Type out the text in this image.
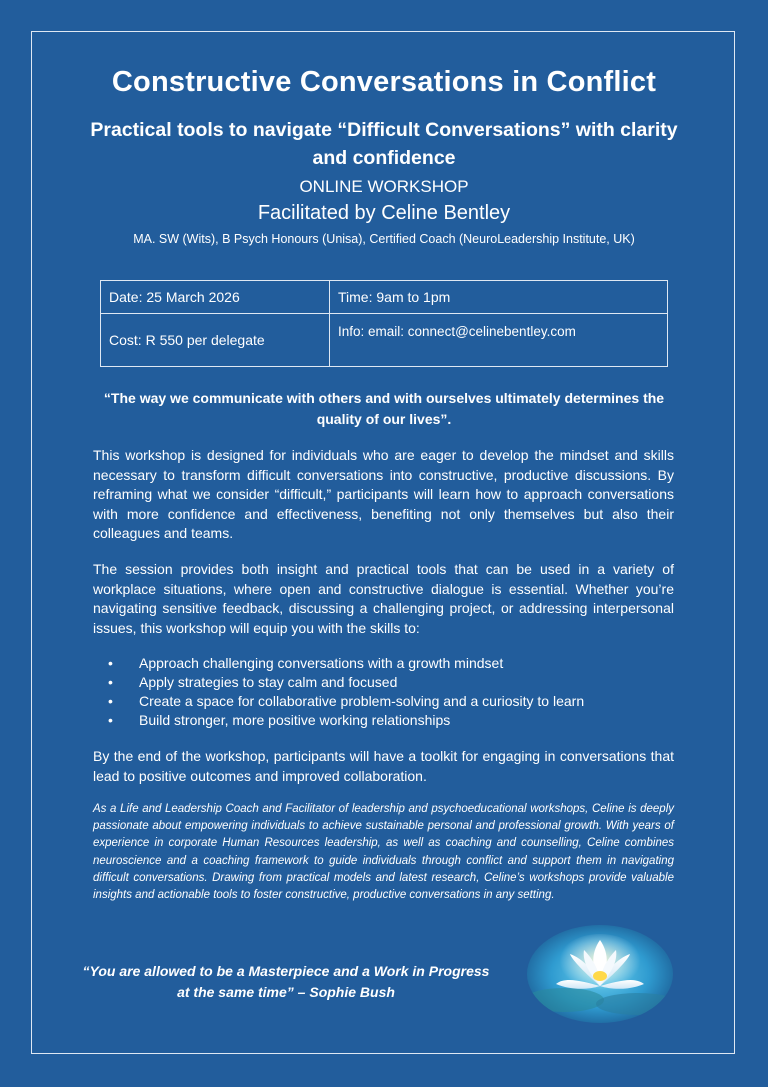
Constructive Conversations in Conflict
Practical tools to navigate “Difficult Conversations” with clarity and confidence
ONLINE WORKSHOP
Facilitated by Celine Bentley
MA. SW (Wits), B Psych Honours (Unisa), Certified Coach (NeuroLeadership Institute, UK)
Date: 25 March 2026	Time: 9am to 1pm
Cost: R 550 per delegate	Info: email: connect@celinebentley.com
“The way we communicate with others and with ourselves ultimately determines the quality of our lives”.
This workshop is designed for individuals who are eager to develop the mindset and skills necessary to transform difficult conversations into constructive, productive discussions. By reframing what we consider “difficult,” participants will learn how to approach conversations with more confidence and effectiveness, benefiting not only themselves but also their colleagues and teams.
The session provides both insight and practical tools that can be used in a variety of workplace situations, where open and constructive dialogue is essential. Whether you’re navigating sensitive feedback, discussing a challenging project, or addressing interpersonal issues, this workshop will equip you with the skills to:
• Approach challenging conversations with a growth mindset
• Apply strategies to stay calm and focused
• Create a space for collaborative problem-solving and a curiosity to learn
• Build stronger, more positive working relationships
By the end of the workshop, participants will have a toolkit for engaging in conversations that lead to positive outcomes and improved collaboration.
As a Life and Leadership Coach and Facilitator of leadership and psychoeducational workshops, Celine is deeply passionate about empowering individuals to achieve sustainable personal and professional growth. With years of experience in corporate Human Resources leadership, as well as coaching and counselling, Celine combines neuroscience and a coaching framework to guide individuals through conflict and support them in navigating difficult conversations. Drawing from practical models and latest research, Celine’s workshops provide valuable insights and actionable tools to foster constructive, productive conversations in any setting.
“You are allowed to be a Masterpiece and a Work in Progress
at the same time” – Sophie Bush
